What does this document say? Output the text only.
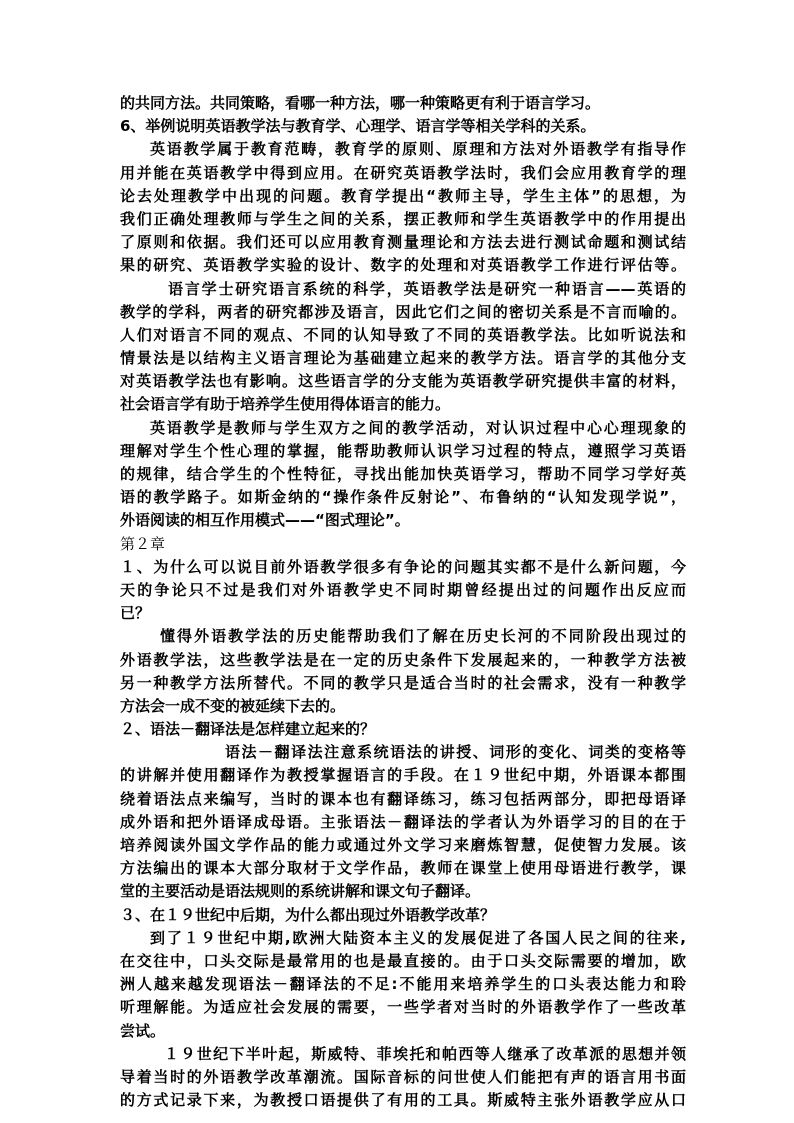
的共同方法。共同策略，看哪一种方法，哪一种策略更有利于语言学习。
6、举例说明英语教学法与教育学、心理学、语言学等相关学科的关系。
英语教学属于教育范畴，教育学的原则、原理和方法对外语教学有指导作
用并能在英语教学中得到应用。在研究英语教学法时，我们会应用教育学的理
论去处理教学中出现的问题。教育学提出“教师主导，学生主体”的思想，为
我们正确处理教师与学生之间的关系，摆正教师和学生英语教学中的作用提出
了原则和依据。我们还可以应用教育测量理论和方法去进行测试命题和测试结
果的研究、英语教学实验的设计、数字的处理和对英语教学工作进行评估等。
语言学士研究语言系统的科学，英语教学法是研究一种语言——英语的
教学的学科，两者的研究都涉及语言，因此它们之间的密切关系是不言而喻的。
人们对语言不同的观点、不同的认知导致了不同的英语教学法。比如听说法和
情景法是以结构主义语言理论为基础建立起来的教学方法。语言学的其他分支
对英语教学法也有影响。这些语言学的分支能为英语教学研究提供丰富的材料，
社会语言学有助于培养学生使用得体语言的能力。
英语教学是教师与学生双方之间的教学活动，对认识过程中心心理现象的
理解对学生个性心理的掌握，能帮助教师认识学习过程的特点，遵照学习英语
的规律，结合学生的个性特征，寻找出能加快英语学习，帮助不同学习学好英
语的教学路子。如斯金纳的“操作条件反射论”、布鲁纳的“认知发现学说”，
外语阅读的相互作用模式——“图式理论”。
第２章
１、为什么可以说目前外语教学很多有争论的问题其实都不是什么新问题，今
天的争论只不过是我们对外语教学史不同时期曾经提出过的问题作出反应而
已？
懂得外语教学法的历史能帮助我们了解在历史长河的不同阶段出现过的
外语教学法，这些教学法是在一定的历史条件下发展起来的，一种教学方法被
另一种教学方法所替代。不同的教学只是适合当时的社会需求，没有一种教学
方法会一成不变的被延续下去的。
２、语法－翻译法是怎样建立起来的？
语法－翻译法注意系统语法的讲授、词形的变化、词类的变格等
的讲解并使用翻译作为教授掌握语言的手段。在１９世纪中期，外语课本都围
绕着语法点来编写，当时的课本也有翻译练习，练习包括两部分，即把母语译
成外语和把外语译成母语。主张语法－翻译法的学者认为外语学习的目的在于
培养阅读外国文学作品的能力或通过外文学习来磨炼智慧，促使智力发展。该
方法编出的课本大部分取材于文学作品，教师在课堂上使用母语进行教学，课
堂的主要活动是语法规则的系统讲解和课文句子翻译。
３、在１９世纪中后期，为什么都出现过外语教学改革？
到了１９世纪中期,欧洲大陆资本主义的发展促进了各国人民之间的往来,
在交往中，口头交际是最常用的也是最直接的。由于口头交际需要的增加，欧
洲人越来越发现语法－翻译法的不足:不能用来培养学生的口头表达能力和聆
听理解能。为适应社会发展的需要，一些学者对当时的外语教学作了一些改革
尝试。
１９世纪下半叶起，斯威特、菲埃托和帕西等人继承了改革派的思想并领
导着当时的外语教学改革潮流。国际音标的问世使人们能把有声的语言用书面
的方式记录下来，为教授口语提供了有用的工具。斯威特主张外语教学应从口
